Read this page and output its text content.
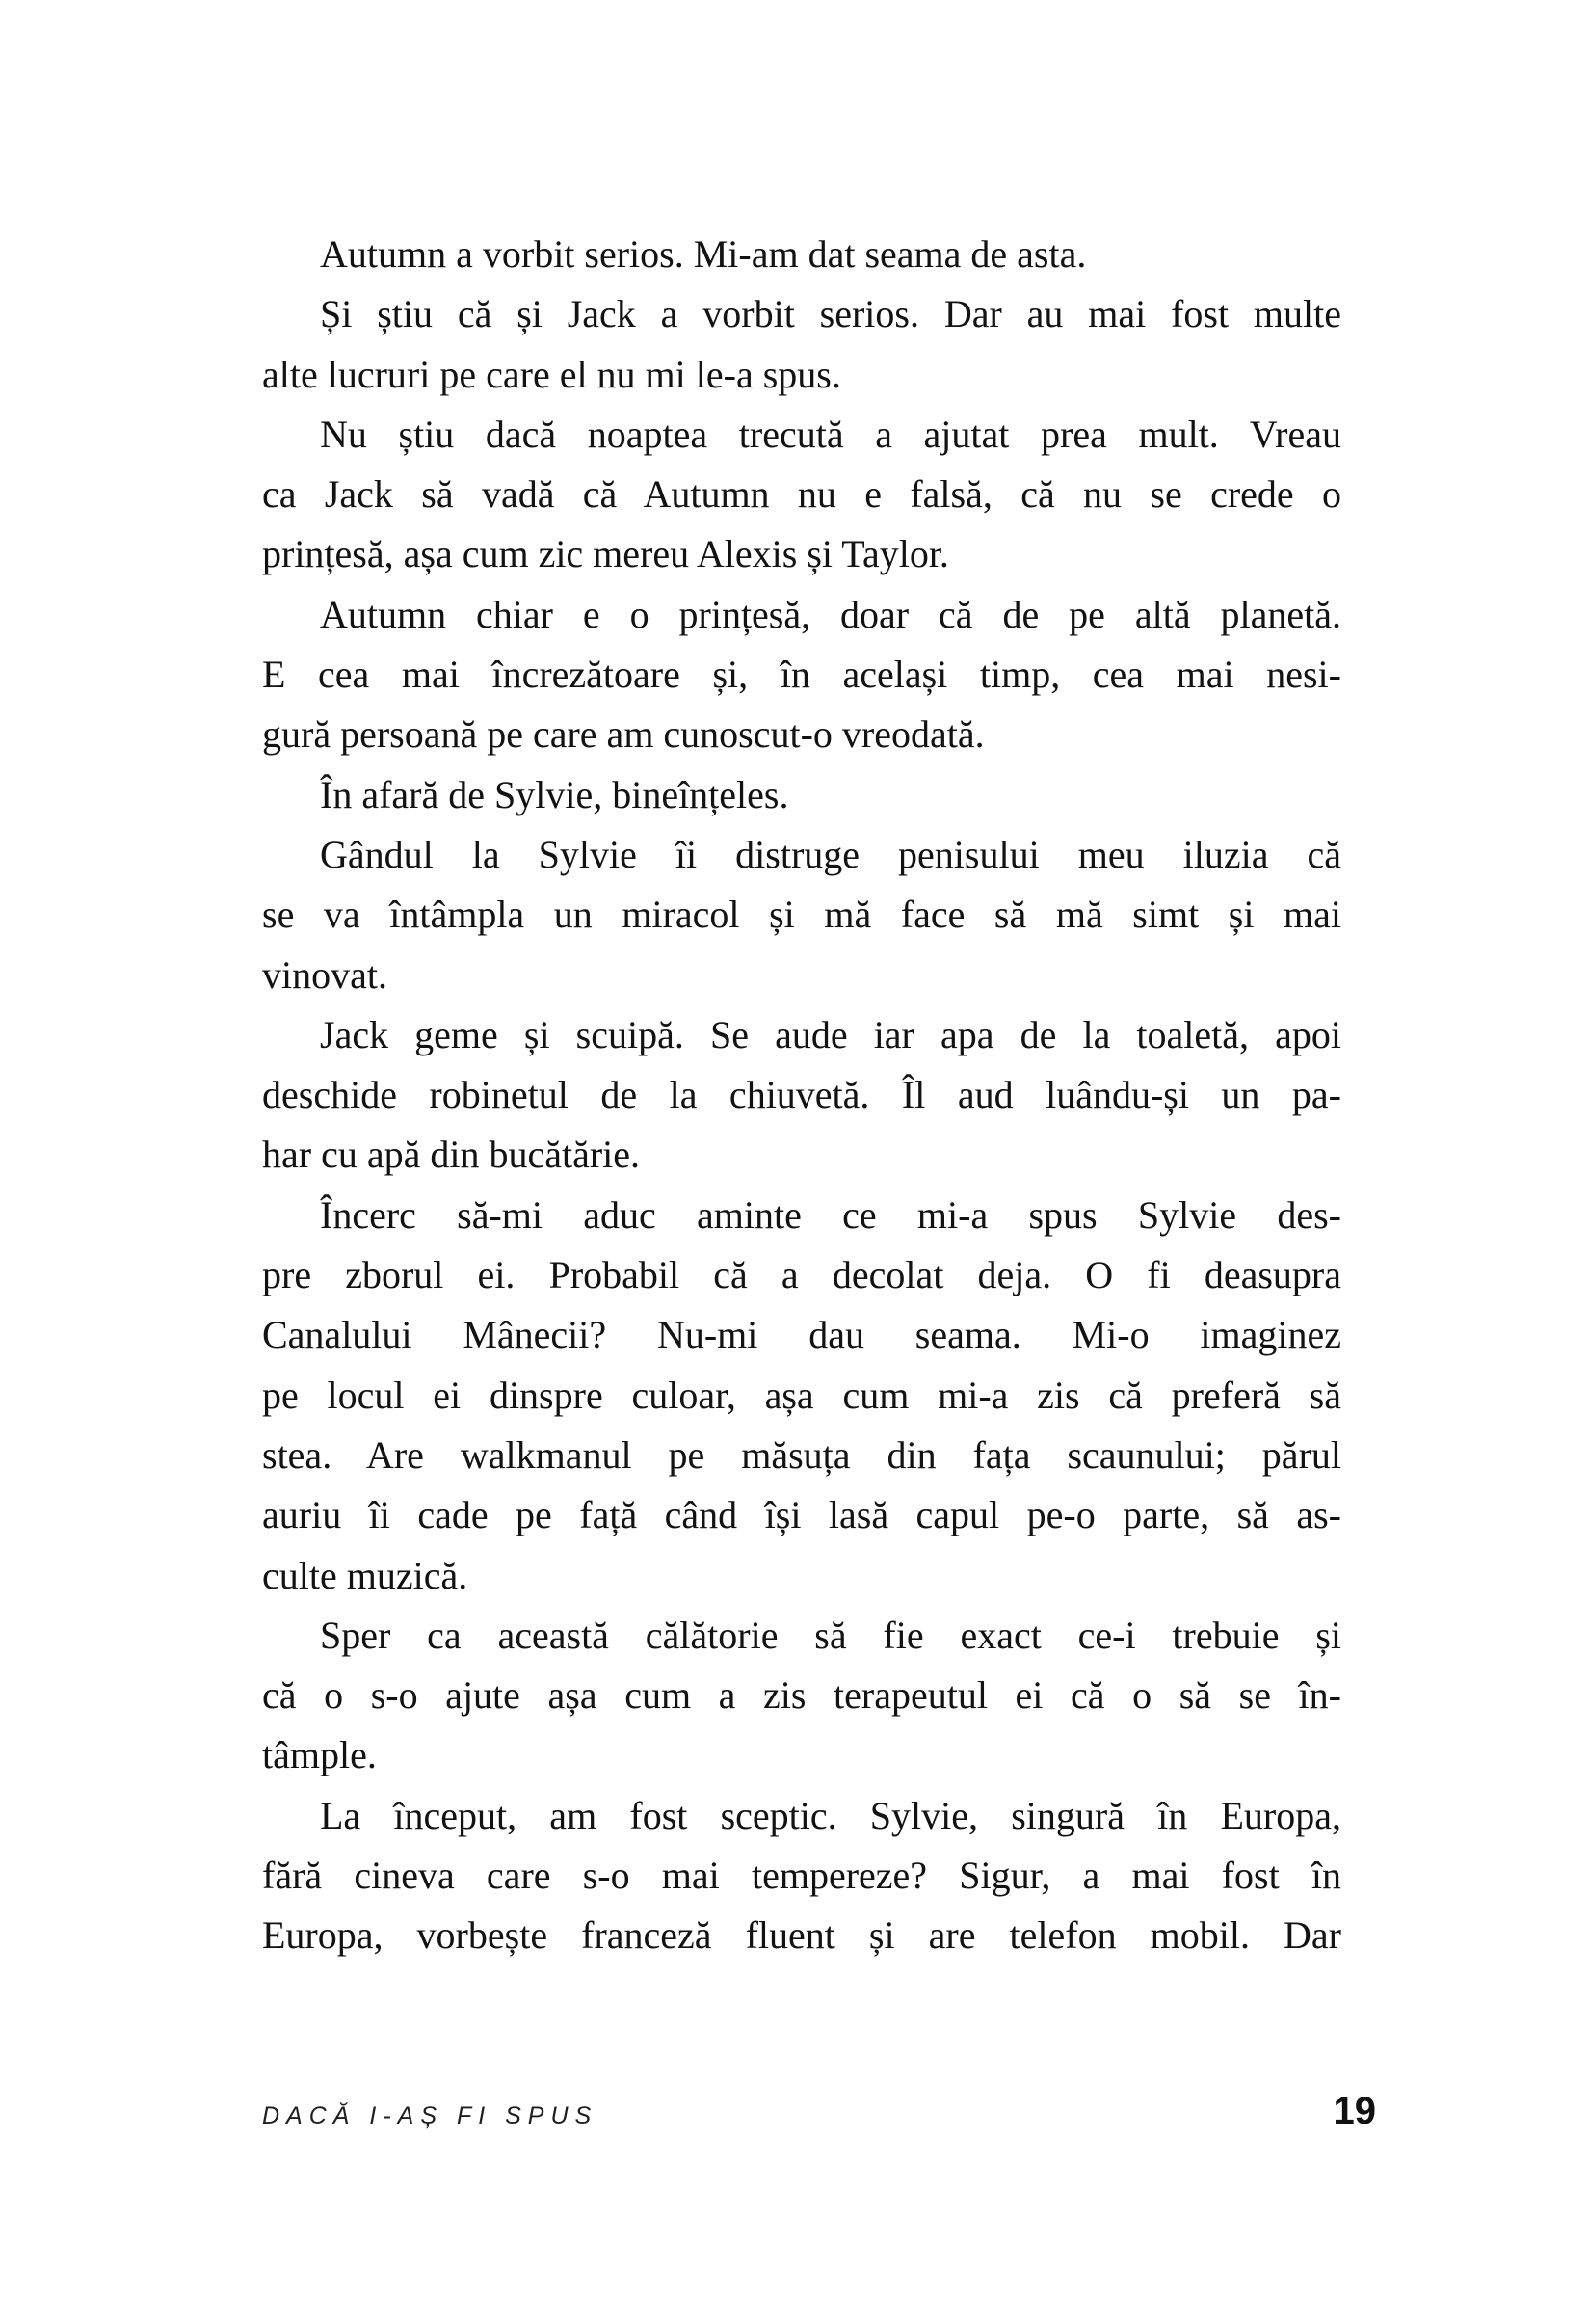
Autumn a vorbit serios. Mi-am dat seama de asta.
Și știu că și Jack a vorbit serios. Dar au mai fost multe
alte lucruri pe care el nu mi le-a spus.
Nu știu dacă noaptea trecută a ajutat prea mult. Vreau
ca Jack să vadă că Autumn nu e falsă, că nu se crede o
prințesă, așa cum zic mereu Alexis și Taylor.
Autumn chiar e o prințesă, doar că de pe altă planetă.
E cea mai încrezătoare și, în același timp, cea mai nesi-
gură persoană pe care am cunoscut-o vreodată.
În afară de Sylvie, bineînțeles.
Gândul la Sylvie îi distruge penisului meu iluzia că
se va întâmpla un miracol și mă face să mă simt și mai
vinovat.
Jack geme și scuipă. Se aude iar apa de la toaletă, apoi
deschide robinetul de la chiuvetă. Îl aud luându-și un pa-
har cu apă din bucătărie.
Încerc să-mi aduc aminte ce mi-a spus Sylvie des-
pre zborul ei. Probabil că a decolat deja. O fi deasupra
Canalului Mânecii? Nu-mi dau seama. Mi-o imaginez
pe locul ei dinspre culoar, așa cum mi-a zis că preferă să
stea. Are walkmanul pe măsuța din fața scaunului; părul
auriu îi cade pe față când își lasă capul pe-o parte, să as-
culte muzică.
Sper ca această călătorie să fie exact ce-i trebuie și
că o s-o ajute așa cum a zis terapeutul ei că o să se în-
tâmple.
La început, am fost sceptic. Sylvie, singură în Europa,
fără cineva care s-o mai tempereze? Sigur, a mai fost în
Europa, vorbește franceză fluent și are telefon mobil. Dar
DACĂ I-AȘ FI SPUS	19
